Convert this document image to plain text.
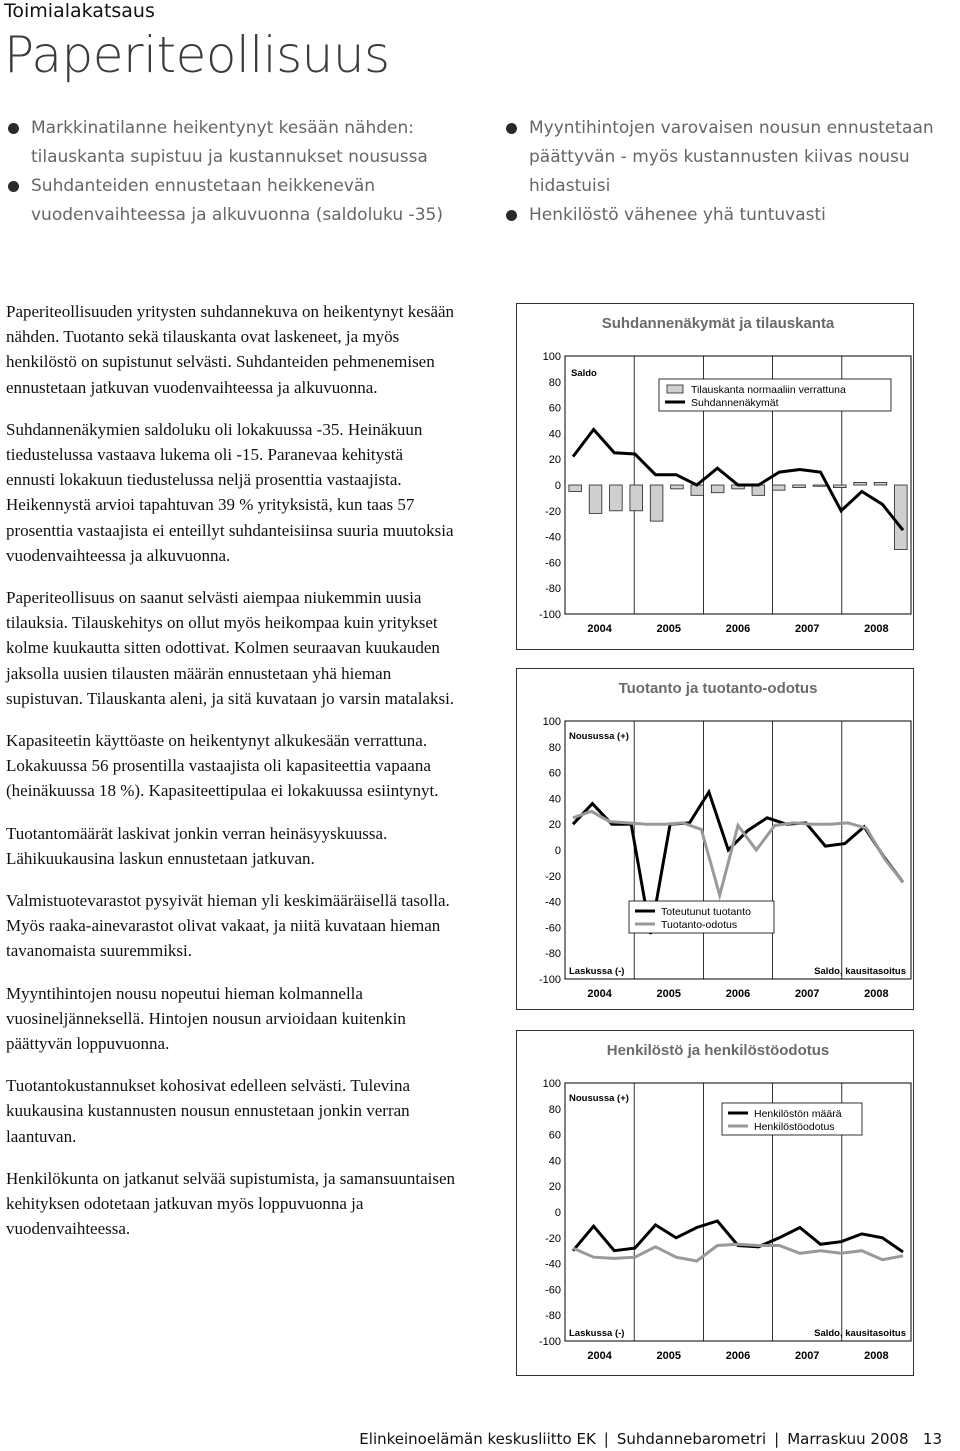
Toimialakatsaus
Paperiteollisuus
Markkinatilanne heikentynyt kesään nähden: tilauskanta supistuu ja kustannukset nousussa
Suhdanteiden ennustetaan heikkenevän vuodenvaihteessa ja alkuvuonna (saldoluku -35)
Myyntihintojen varovaisen nousun ennustetaan päättyvän - myös kustannusten kiivas nousu hidastuisi
Henkilöstö vähenee yhä tuntuvasti

Paperiteollisuuden yritysten suhdannekuva on heikentynyt kesään nähden. Tuotanto sekä tilauskanta ovat laskeneet, ja myös henkilöstö on supistunut selvästi. Suhdanteiden pehmenemisen ennustetaan jatkuvan vuodenvaihteessa ja alkuvuonna.

Suhdannenäkymien saldoluku oli lokakuussa -35. Heinäkuun tiedustelussa vastaava lukema oli -15. Paranevaa kehitystä ennusti lokakuun tiedustelussa neljä prosenttia vastaajista. Heikennystä arvioi tapahtuvan 39 % yrityksistä, kun taas 57 prosenttia vastaajista ei enteillyt suhdanteisiinsa suuria muutoksia vuodenvaihteessa ja alkuvuonna.

Paperiteollisuus on saanut selvästi aiempaa niukemmin uusia tilauksia. Tilauskehitys on ollut myös heikompaa kuin yritykset kolme kuukautta sitten odottivat. Kolmen seuraavan kuukauden jaksolla uusien tilausten määrän ennustetaan yhä hieman supistuvan. Tilauskanta aleni, ja sitä kuvataan jo varsin matalaksi.

Kapasiteetin käyttöaste on heikentynyt alkukesään verrattuna. Lokakuussa 56 prosentilla vastaajista oli kapasiteettia vapaana (heinäkuussa 18 %). Kapasiteettipulaa ei lokakuussa esiintynyt.

Tuotantomäärät laskivat jonkin verran heinäsyyskuussa. Lähikuukausina laskun ennustetaan jatkuvan.

Valmistuotevarastot pysyivät hieman yli keskimääräisellä tasolla. Myös raaka-ainevarastot olivat vakaat, ja niitä kuvataan hieman tavanomaista suuremmiksi.

Myyntihintojen nousu nopeutui hieman kolmannella vuosineljänneksellä. Hintojen nousun arvioidaan kuitenkin päättyvän loppuvuonna.

Tuotantokustannukset kohosivat edelleen selvästi. Tulevina kuukausina kustannusten nousun ennustetaan jonkin verran laantuvan.

Henkilökunta on jatkanut selvää supistumista, ja samansuuntaisen kehityksen odotetaan jatkuvan myös loppuvuonna ja vuodenvaihteessa.

Suhdannenäkymät ja tilauskanta
100
80
60
40
20
0
-20
-40
-60
-80
-100
2004	2005	2006	2007	2008
Saldo
Tilauskanta normaaliin verrattuna
Suhdannenäkymät
Tuotanto ja tuotanto-odotus
100
80
60
40
20
0
-20
-40
-60
-80
-100
2004	2005	2006	2007	2008
Nousussa (+)
Laskussa (-)	Saldo, kausitasoitus
Toteutunut tuotanto
Tuotanto-odotus
Henkilöstö ja henkilöstöodotus
100
80
60
40
20
0
-20
-40
-60
-80
-100
2004	2005	2006	2007	2008
Nousussa (+)
Laskussa (-)	Saldo, kausitasoitus
Henkilöstön määrä
Henkilöstöodotus
Elinkeinoelämän keskusliitto EK | Suhdannebarometri | Marraskuu 2008 13
